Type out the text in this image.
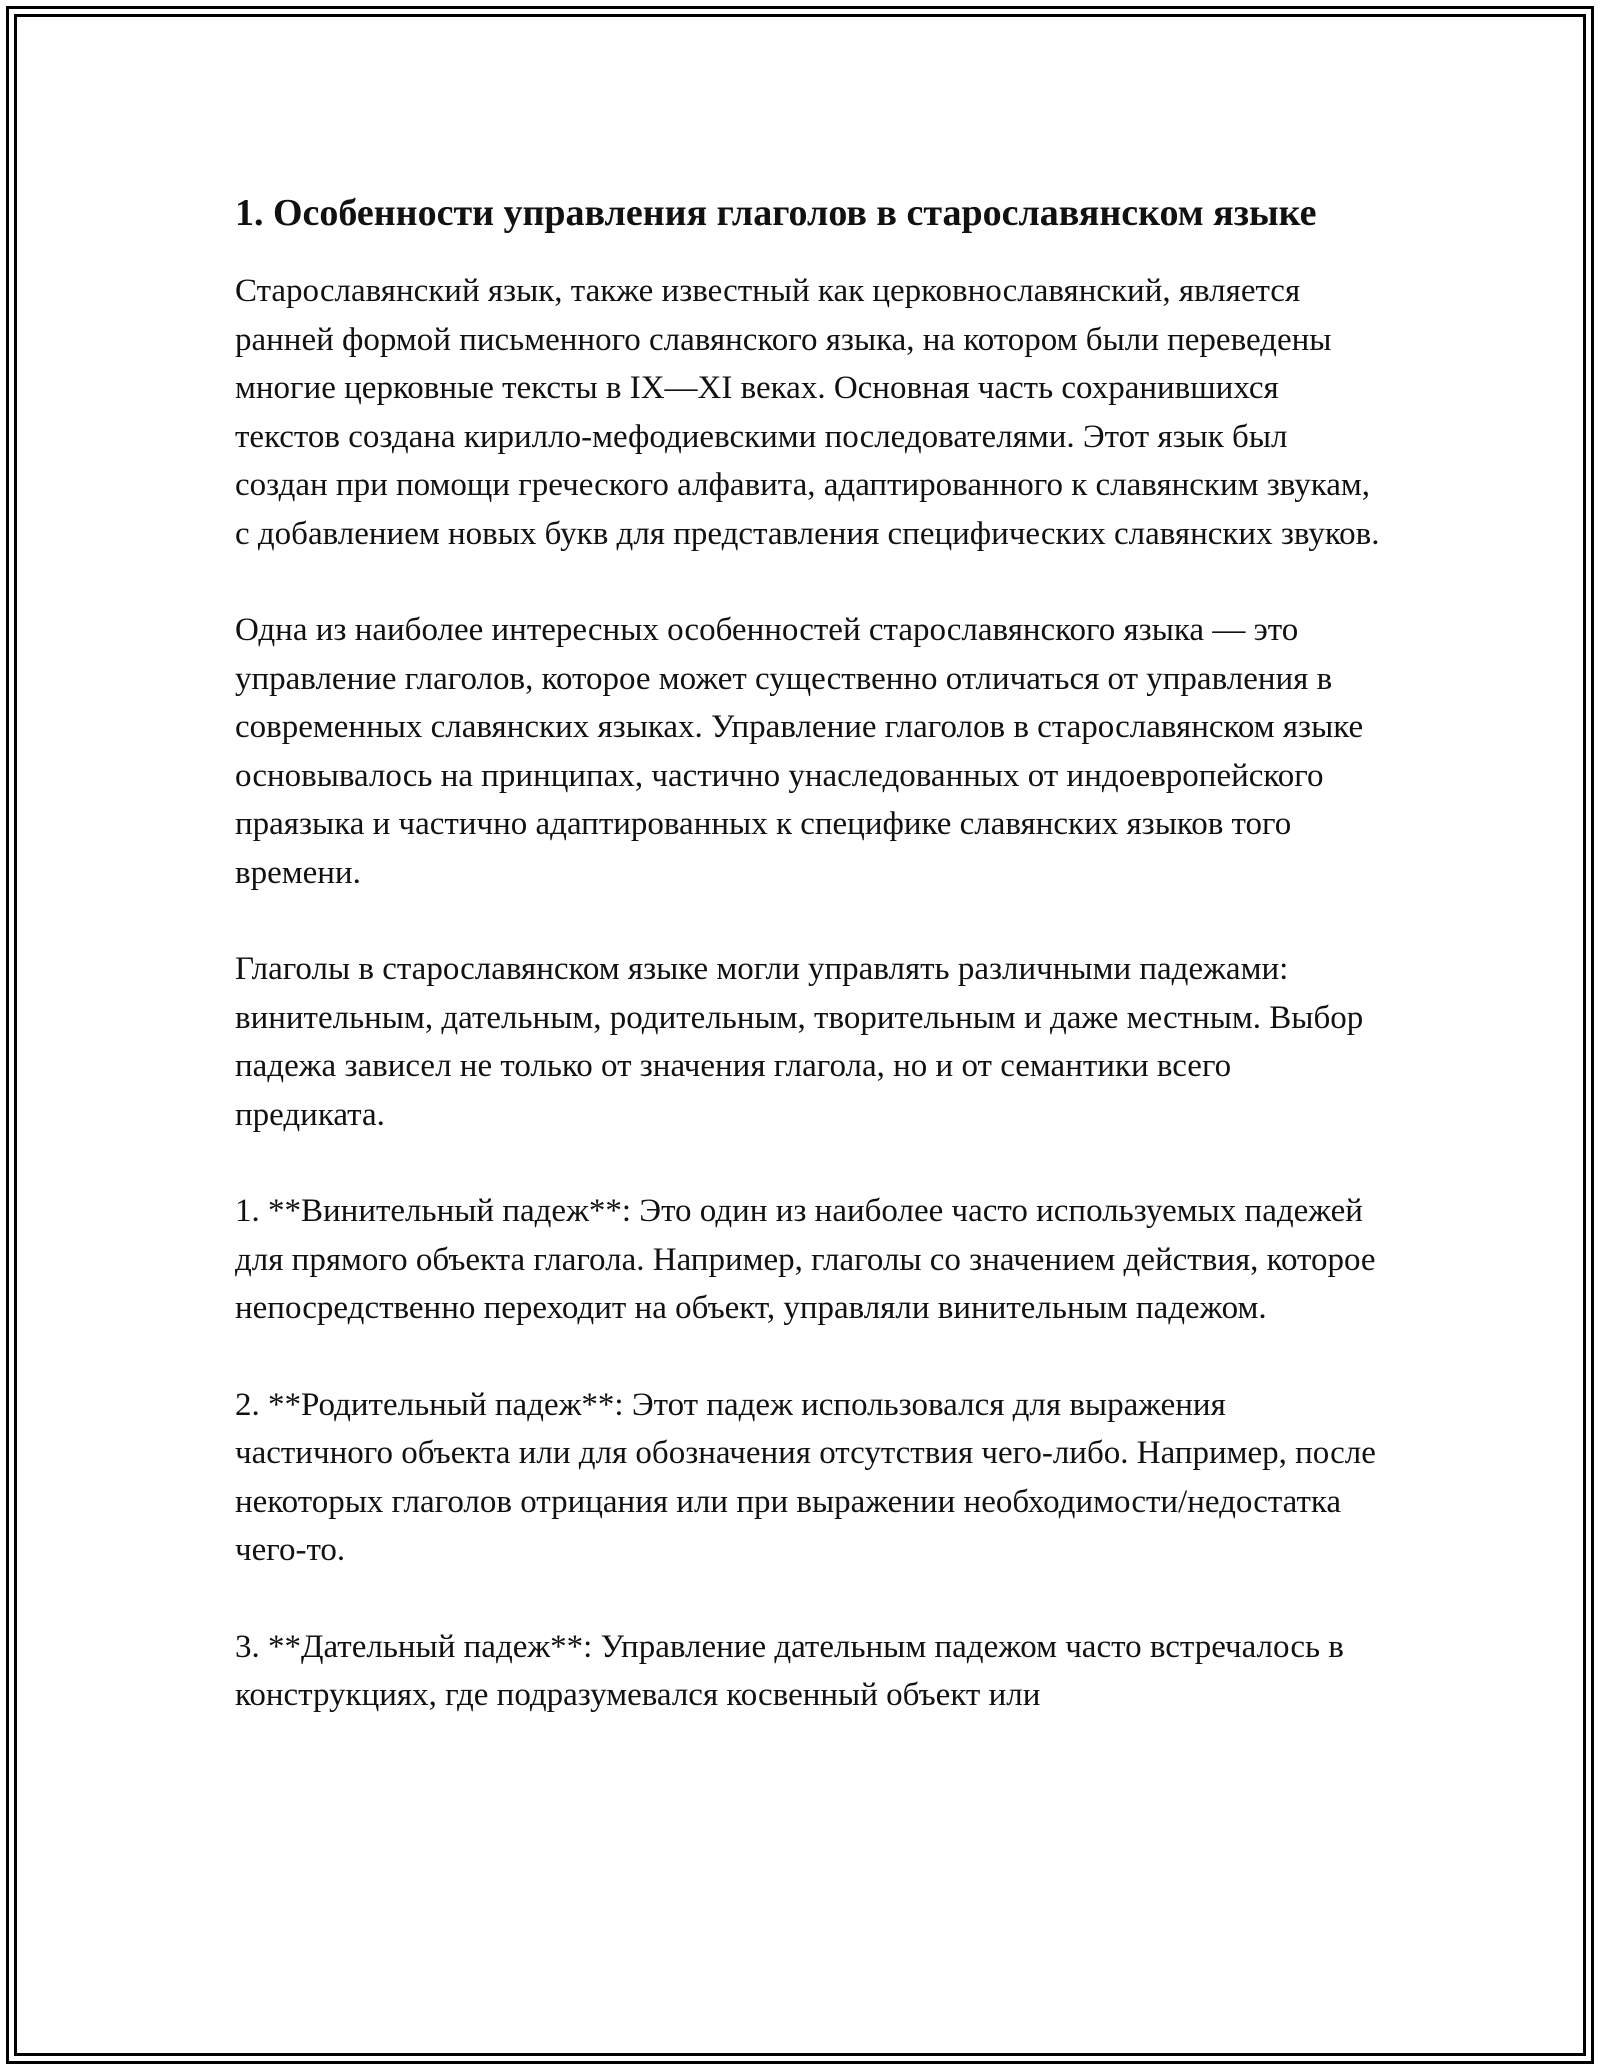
1. Особенности управления глаголов в старославянском языке

Старославянский язык, также известный как церковнославянский, является ранней формой письменного славянского языка, на котором были переведены многие церковные тексты в IX—XI веках. Основная часть сохранившихся текстов создана кирилло-мефодиевскими последователями. Этот язык был создан при помощи греческого алфавита, адаптированного к славянским звукам, с добавлением новых букв для представления специфических славянских звуков.

Одна из наиболее интересных особенностей старославянского языка — это управление глаголов, которое может существенно отличаться от управления в современных славянских языках. Управление глаголов в старославянском языке основывалось на принципах, частично унаследованных от индоевропейского праязыка и частично адаптированных к специфике славянских языков того времени.

Глаголы в старославянском языке могли управлять различными падежами: винительным, дательным, родительным, творительным и даже местным. Выбор падежа зависел не только от значения глагола, но и от семантики всего предиката.

1. **Винительный падеж**: Это один из наиболее часто используемых падежей для прямого объекта глагола. Например, глаголы со значением действия, которое непосредственно переходит на объект, управляли винительным падежом.

2. **Родительный падеж**: Этот падеж использовался для выражения частичного объекта или для обозначения отсутствия чего-либо. Например, после некоторых глаголов отрицания или при выражении необходимости/недостатка чего-то.

3. **Дательный падеж**: Управление дательным падежом часто встречалось в конструкциях, где подразумевался косвенный объект или
